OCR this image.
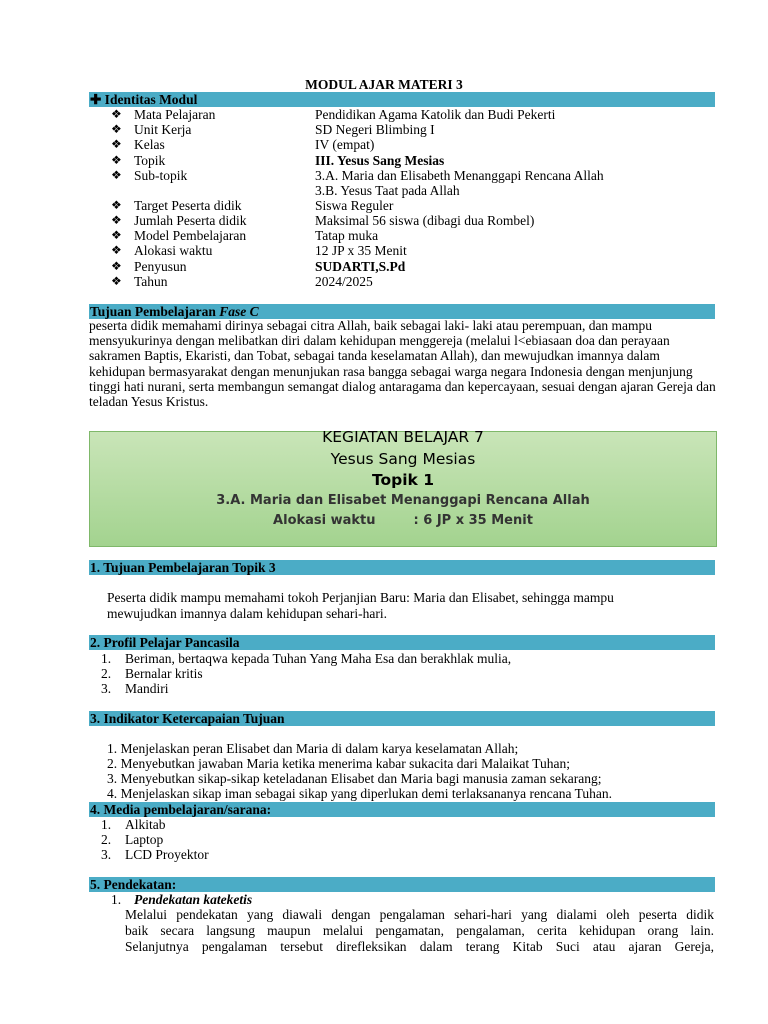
MODUL AJAR MATERI 3
✚ Identitas Modul
❖ Mata Pelajaran	Pendidikan Agama Katolik dan Budi Pekerti
❖ Unit Kerja	SD Negeri Blimbing I
❖ Kelas	IV (empat)
❖ Topik	III. Yesus Sang Mesias
❖ Sub-topik	3.A. Maria dan Elisabeth Menanggapi Rencana Allah
3.B. Yesus Taat pada Allah
❖ Target Peserta didik	Siswa Reguler
❖ Jumlah Peserta didik	Maksimal 56 siswa (dibagi dua Rombel)
❖ Model Pembelajaran	Tatap muka
❖ Alokasi waktu	12 JP x 35 Menit
❖ Penyusun	SUDARTI,S.Pd
❖ Tahun	2024/2025
Tujuan Pembelajaran Fase C
peserta didik memahami dirinya sebagai citra Allah, baik sebagai laki- laki atau perempuan, dan mampu mensyukurinya dengan melibatkan diri dalam kehidupan menggereja (melalui l<ebiasaan doa dan perayaan sakramen Baptis, Ekaristi, dan Tobat, sebagai tanda keselamatan Allah), dan mewujudkan imannya dalam kehidupan bermasyarakat dengan menunjukan rasa bangga sebagai warga negara Indonesia dengan menjunjung tinggi hati nurani, serta membangun semangat dialog antaragama dan kepercayaan, sesuai dengan ajaran Gereja dan teladan Yesus Kristus.
KEGIATAN BELAJAR 7
Yesus Sang Mesias
Topik 1
3.A. Maria dan Elisabet Menanggapi Rencana Allah
Alokasi waktu	: 6 JP x 35 Menit
1. Tujuan Pembelajaran Topik 3
Peserta didik mampu memahami tokoh Perjanjian Baru: Maria dan Elisabet, sehingga mampu
mewujudkan imannya dalam kehidupan sehari-hari.
2. Profil Pelajar Pancasila
1. Beriman, bertaqwa kepada Tuhan Yang Maha Esa dan berakhlak mulia,
2. Bernalar kritis
3. Mandiri
3. Indikator Ketercapaian Tujuan
1. Menjelaskan peran Elisabet dan Maria di dalam karya keselamatan Allah;
2. Menyebutkan jawaban Maria ketika menerima kabar sukacita dari Malaikat Tuhan;
3. Menyebutkan sikap-sikap keteladanan Elisabet dan Maria bagi manusia zaman sekarang;
4. Menjelaskan sikap iman sebagai sikap yang diperlukan demi terlaksananya rencana Tuhan.
4. Media pembelajaran/sarana:
1. Alkitab
2. Laptop
3. LCD Proyektor
5. Pendekatan:
1. Pendekatan kateketis
Melalui pendekatan yang diawali dengan pengalaman sehari-hari yang dialami oleh peserta didik
baik secara langsung maupun melalui pengamatan, pengalaman, cerita kehidupan orang lain.
Selanjutnya pengalaman tersebut direfleksikan dalam terang Kitab Suci atau ajaran Gereja,
